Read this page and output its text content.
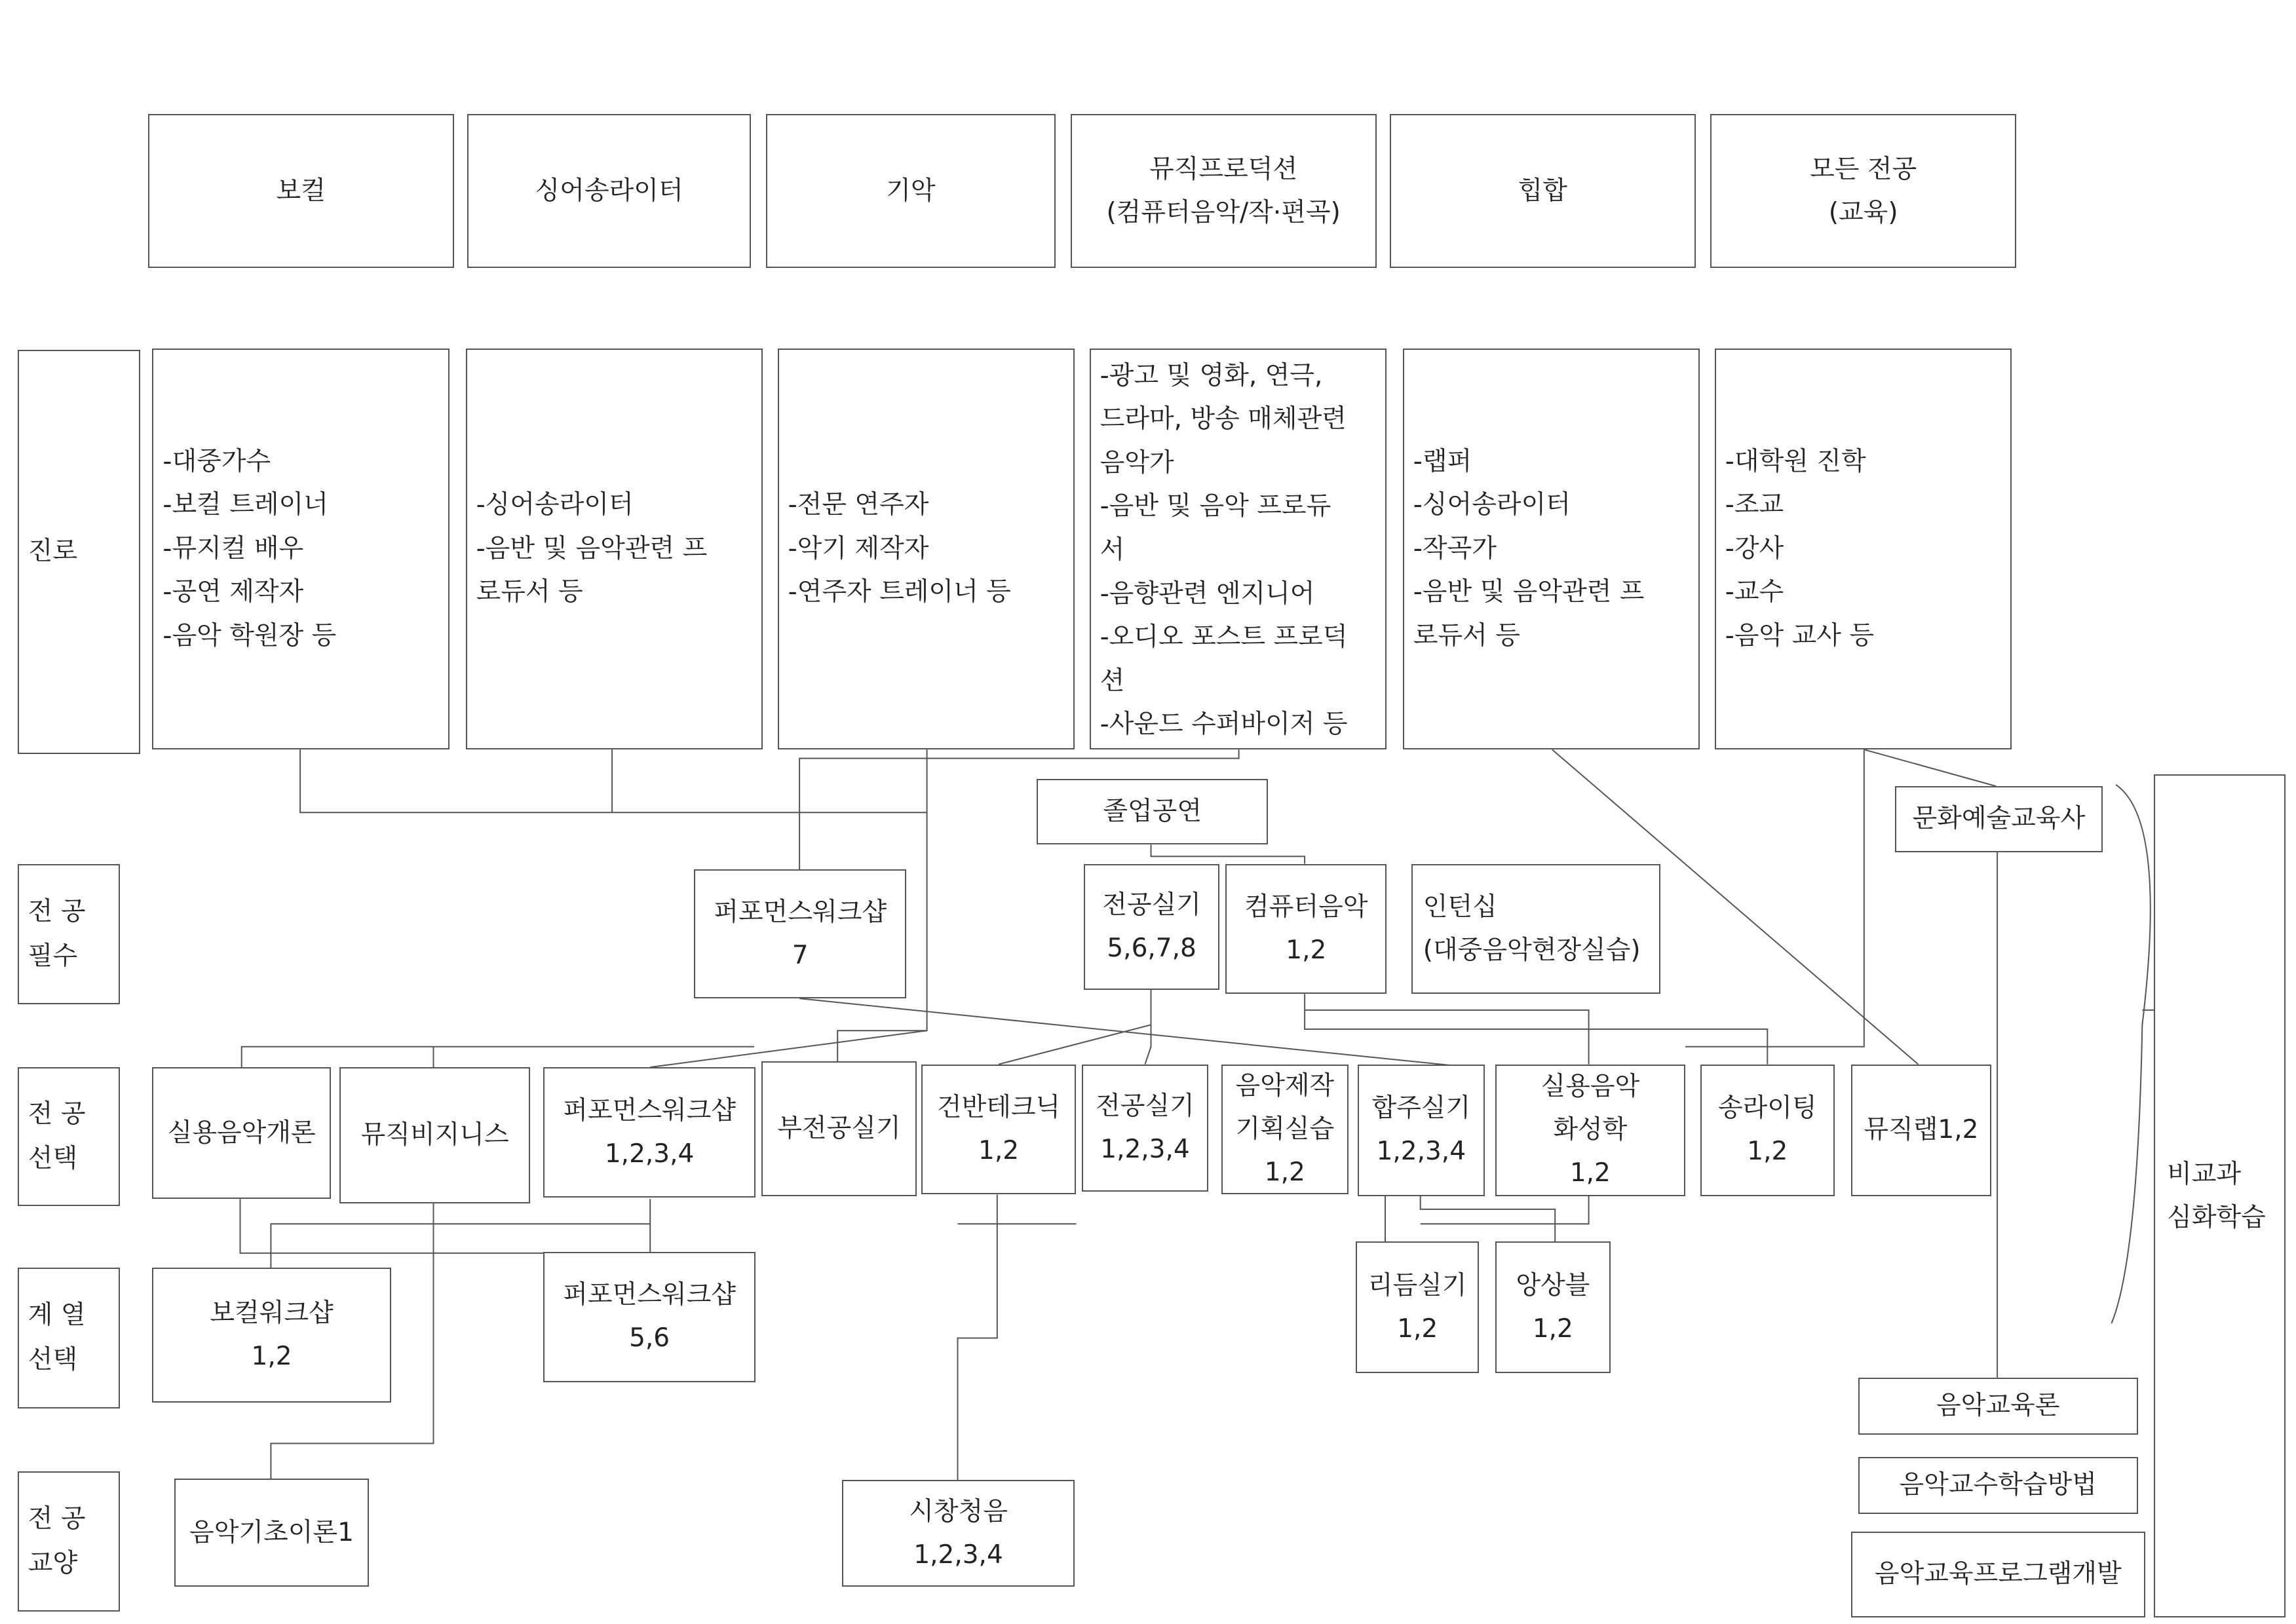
보컬	싱어송라이터	기악
뮤직프로덕션
(컴퓨터음악/작·편곡)
힙합
모든 전공
(교육)
진로
전 공
필수
전 공
선택
계 열
선택
전 공
교양
-대중가수
-보컬 트레이너
-뮤지컬 배우
-공연 제작자
-음악 학원장 등
-싱어송라이터
-음반 및 음악관련 프
로듀서 등
-전문 연주자
-악기 제작자
-연주자 트레이너 등
-광고 및 영화, 연극,
드라마, 방송 매체관련
음악가
-음반 및 음악 프로듀
서
-음향관련 엔지니어
-오디오 포스트 프로덕
션
-사운드 수퍼바이저 등
-랩퍼
-싱어송라이터
-작곡가
-음반 및 음악관련 프
로듀서 등
-대학원 진학
-조교
-강사
-교수
-음악 교사 등
졸업공연	문화예술교육사
퍼포먼스워크샵
7
전공실기
5,6,7,8
컴퓨터음악
1,2
인턴십
(대중음악현장실습)
실용음악개론 뮤직비지니스
퍼포먼스워크샵
1,2,3,4
부전공실기
건반테크닉
1,2
전공실기
1,2,3,4
음악제작
기획실습
1,2
합주실기
1,2,3,4
실용음악
화성학
1,2
송라이팅
1,2
뮤직랩1,2
보컬워크샵
1,2
퍼포먼스워크샵
5,6
리듬실기
1,2
앙상블
1,2
음악기초이론1
시창청음
1,2,3,4
음악교육론
음악교수학습방법
음악교육프로그램개발
비교과
심화학습
